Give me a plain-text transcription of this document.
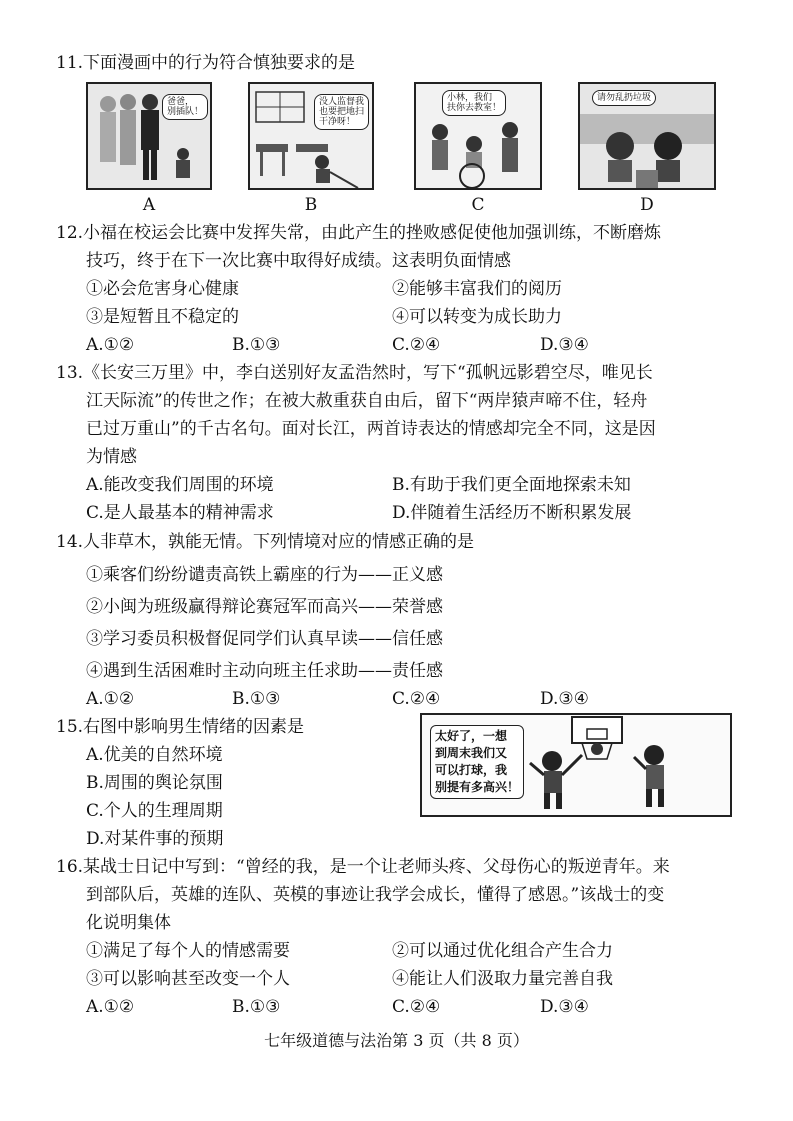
11.下面漫画中的行为符合慎独要求的是
爸爸，
别插队！
A
没人监督我
也要把地扫
干净呀！
B
小林，我们
扶你去教室！
C
请勿乱扔垃圾
D
12.小福在校运会比赛中发挥失常，由此产生的挫败感促使他加强训练，不断磨炼
技巧，终于在下一次比赛中取得好成绩。这表明负面情感
①必会危害身心健康	②能够丰富我们的阅历
③是短暂且不稳定的	④可以转变为成长助力
A.①②	B.①③	C.②④	D.③④
13.《长安三万里》中，李白送别好友孟浩然时，写下“孤帆远影碧空尽，唯见长
江天际流”的传世之作；在被大赦重获自由后，留下“两岸猿声啼不住，轻舟
已过万重山”的千古名句。面对长江，两首诗表达的情感却完全不同，这是因
为情感
A.能改变我们周围的环境	B.有助于我们更全面地探索未知
C.是人最基本的精神需求	D.伴随着生活经历不断积累发展
14.人非草木，孰能无情。下列情境对应的情感正确的是
①乘客们纷纷谴责高铁上霸座的行为——正义感
②小闽为班级赢得辩论赛冠军而高兴——荣誉感
③学习委员积极督促同学们认真早读——信任感
④遇到生活困难时主动向班主任求助——责任感
A.①②	B.①③	C.②④	D.③④
15.右图中影响男生情绪的因素是
A.优美的自然环境
B.周围的舆论氛围
C.个人的生理周期
D.对某件事的预期
太好了，一想
到周末我们又
可以打球，我
别提有多高兴！
16.某战士日记中写到：“曾经的我，是一个让老师头疼、父母伤心的叛逆青年。来
到部队后，英雄的连队、英模的事迹让我学会成长，懂得了感恩。”该战士的变
化说明集体
①满足了每个人的情感需要	②可以通过优化组合产生合力
③可以影响甚至改变一个人	④能让人们汲取力量完善自我
A.①②	B.①③	C.②④	D.③④
七年级道德与法治第 3 页（共 8 页）
